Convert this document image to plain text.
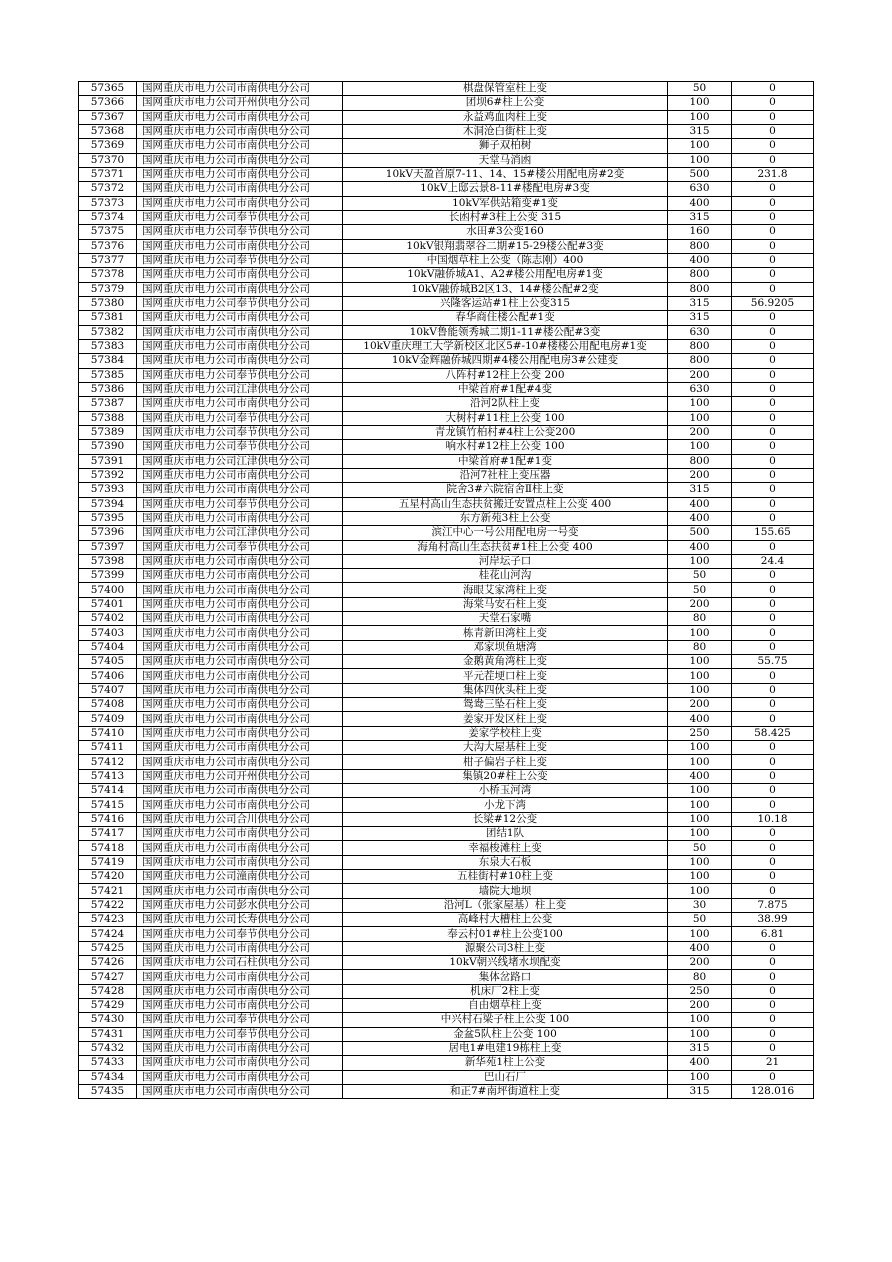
57365	国网重庆市电力公司市南供电分公司	棋盘保管室柱上变	50	0
57366	国网重庆市电力公司开州供电分公司	团坝6#柱上公变	100	0
57367	国网重庆市电力公司市南供电分公司	永益鸡血肉柱上变	100	0
57368	国网重庆市电力公司市南供电分公司	木洞沧白街柱上变	315	0
57369	国网重庆市电力公司市南供电分公司	狮子双柏树	100	0
57370	国网重庆市电力公司市南供电分公司	天堂马消凼	100	0
57371	国网重庆市电力公司市南供电分公司	10kV天盈首原7-11、14、15#楼公用配电房#2变	500	231.8
57372	国网重庆市电力公司市南供电分公司	10kV上邸云景8-11#楼配电房#3变	630	0
57373	国网重庆市电力公司市南供电分公司	10kV军供站箱变#1变	400	0
57374	国网重庆市电力公司奉节供电分公司	长凼村#3柱上公变 315	315	0
57375	国网重庆市电力公司奉节供电分公司	水田#3公变160	160	0
57376	国网重庆市电力公司市南供电分公司	10kV银翔翡翠谷二期#15-29楼公配#3变	800	0
57377	国网重庆市电力公司奉节供电分公司	中国烟草柱上公变（陈志刚）400	400	0
57378	国网重庆市电力公司市南供电分公司	10kV融侨城A1、A2#楼公用配电房#1变	800	0
57379	国网重庆市电力公司市南供电分公司	10kV融侨城B2区13、14#楼公配#2变	800	0
57380	国网重庆市电力公司奉节供电分公司	兴隆客运站#1柱上公变315	315	56.9205
57381	国网重庆市电力公司市南供电分公司	春华商住楼公配#1变	315	0
57382	国网重庆市电力公司市南供电分公司	10kV鲁能领秀城二期1-11#楼公配#3变	630	0
57383	国网重庆市电力公司市南供电分公司	10kV重庆理工大学新校区北区5#-10#楼楼公用配电房#1变	800	0
57384	国网重庆市电力公司市南供电分公司	10kV金辉融侨城四期#4楼公用配电房3#公建变	800	0
57385	国网重庆市电力公司奉节供电分公司	八阵村#12柱上公变 200	200	0
57386	国网重庆市电力公司江津供电分公司	中梁首府#1配#4变	630	0
57387	国网重庆市电力公司市南供电分公司	沿河2队柱上变	100	0
57388	国网重庆市电力公司奉节供电分公司	大树村#11柱上公变 100	100	0
57389	国网重庆市电力公司奉节供电分公司	青龙镇竹柏村#4柱上公变200	200	0
57390	国网重庆市电力公司奉节供电分公司	响水村#12柱上公变 100	100	0
57391	国网重庆市电力公司江津供电分公司	中梁首府#1配#1变	800	0
57392	国网重庆市电力公司市南供电分公司	沿河7社柱上变压器	200	0
57393	国网重庆市电力公司市南供电分公司	院舍3#六院宿舍Ⅱ柱上变	315	0
57394	国网重庆市电力公司奉节供电分公司	五星村高山生态扶贫搬迁安置点柱上公变 400	400	0
57395	国网重庆市电力公司市南供电分公司	东方新苑3柱上公变	400	0
57396	国网重庆市电力公司江津供电分公司	滨江中心一号公用配电房一号变	500	155.65
57397	国网重庆市电力公司奉节供电分公司	海角村高山生态扶贫#1柱上公变 400	400	0
57398	国网重庆市电力公司市南供电分公司	河岸坛子口	100	24.4
57399	国网重庆市电力公司市南供电分公司	桂花山河沟	50	0
57400	国网重庆市电力公司市南供电分公司	海眼艾家湾柱上变	50	0
57401	国网重庆市电力公司市南供电分公司	海棠马安石柱上变	200	0
57402	国网重庆市电力公司市南供电分公司	天堂石家嘴	80	0
57403	国网重庆市电力公司市南供电分公司	栋青新田湾柱上变	100	0
57404	国网重庆市电力公司市南供电分公司	邓家坝鱼塘湾	80	0
57405	国网重庆市电力公司市南供电分公司	金鹅黄角湾柱上变	100	55.75
57406	国网重庆市电力公司市南供电分公司	平元茬埂口柱上变	100	0
57407	国网重庆市电力公司市南供电分公司	集体四伙头柱上变	100	0
57408	国网重庆市电力公司市南供电分公司	鸳鸯三坠石柱上变	200	0
57409	国网重庆市电力公司市南供电分公司	姜家开发区柱上变	400	0
57410	国网重庆市电力公司市南供电分公司	姜家学校柱上变	250	58.425
57411	国网重庆市电力公司市南供电分公司	大沟大屋基柱上变	100	0
57412	国网重庆市电力公司市南供电分公司	柑子偏岩子柱上变	100	0
57413	国网重庆市电力公司开州供电分公司	集镇20#柱上公变	400	0
57414	国网重庆市电力公司市南供电分公司	小桥玉河湾	100	0
57415	国网重庆市电力公司市南供电分公司	小龙下湾	100	0
57416	国网重庆市电力公司合川供电分公司	长梁#12公变	100	10.18
57417	国网重庆市电力公司市南供电分公司	团结1队	100	0
57418	国网重庆市电力公司市南供电分公司	幸福梭滩柱上变	50	0
57419	国网重庆市电力公司市南供电分公司	东泉大石板	100	0
57420	国网重庆市电力公司潼南供电分公司	五桂街村#10柱上变	100	0
57421	国网重庆市电力公司市南供电分公司	墙院大地坝	100	0
57422	国网重庆市电力公司彭水供电分公司	沿河L（张家屋基）柱上变	30	7.875
57423	国网重庆市电力公司长寿供电分公司	高峰村大槽柱上公变	50	38.99
57424	国网重庆市电力公司奉节供电分公司	奉云村01#柱上公变100	100	6.81
57425	国网重庆市电力公司市南供电分公司	源聚公司3柱上变	400	0
57426	国网重庆市电力公司石柱供电分公司	10kV朝兴线堵水坝配变	200	0
57427	国网重庆市电力公司市南供电分公司	集体岔路口	80	0
57428	国网重庆市电力公司市南供电分公司	机床厂2柱上变	250	0
57429	国网重庆市电力公司市南供电分公司	自由烟草柱上变	200	0
57430	国网重庆市电力公司奉节供电分公司	中兴村石梁子柱上公变 100	100	0
57431	国网重庆市电力公司奉节供电分公司	金盆5队柱上公变 100	100	0
57432	国网重庆市电力公司市南供电分公司	居电1#电建19栋柱上变	315	0
57433	国网重庆市电力公司市南供电分公司	新华苑1柱上公变	400	21
57434	国网重庆市电力公司市南供电分公司	巴山石厂	100	0
57435	国网重庆市电力公司市南供电分公司	和正7#南坪街道柱上变	315	128.016
